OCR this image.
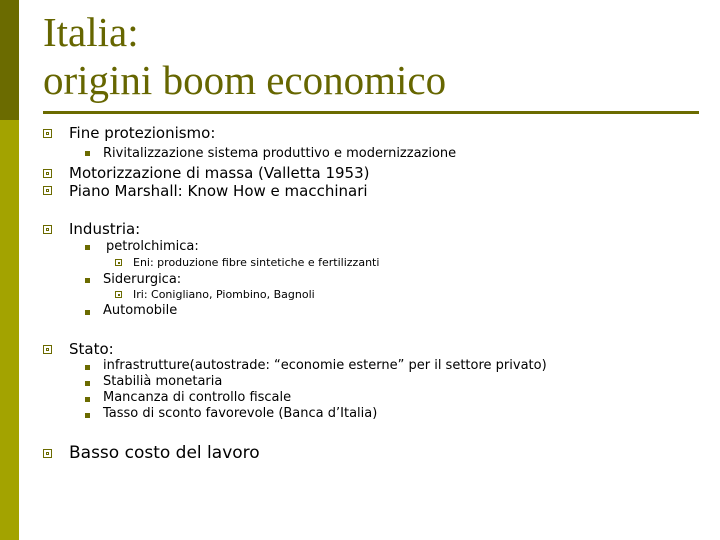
Italia:
origini boom economico
Fine protezionismo:
Rivitalizzazione sistema produttivo e modernizzazione
Motorizzazione di massa (Valletta 1953)
Piano Marshall: Know How e macchinari
Industria:
petrolchimica:
Eni: produzione fibre sintetiche e fertilizzanti
Siderurgica:
Iri: Conigliano, Piombino, Bagnoli
Automobile
Stato:
infrastrutture(autostrade: “economie esterne” per il settore privato)
Stabilià monetaria
Mancanza di controllo fiscale
Tasso di sconto favorevole (Banca d’Italia)
Basso costo del lavoro
